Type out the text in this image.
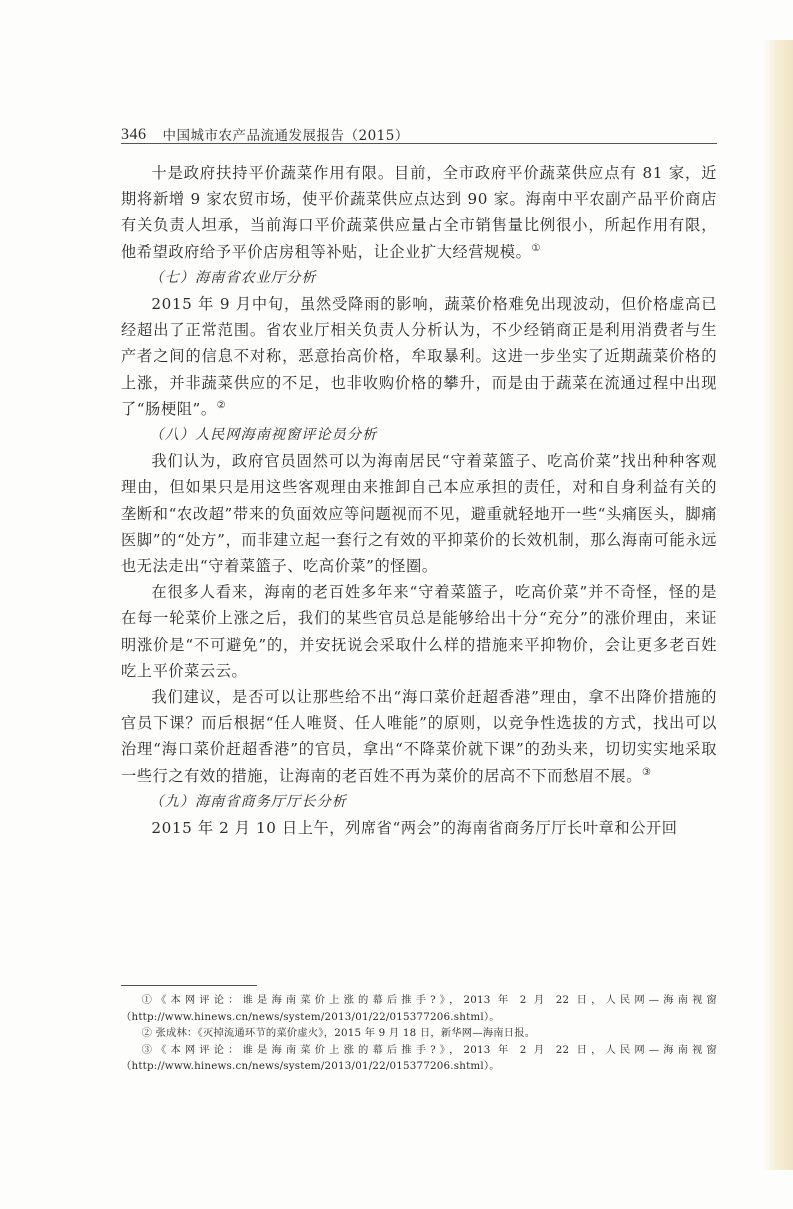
346 中国城市农产品流通发展报告（2015）

十是政府扶持平价蔬菜作用有限。目前，全市政府平价蔬菜供应点有 81 家，近期将新增 9 家农贸市场，使平价蔬菜供应点达到 90 家。海南中平农副产品平价商店有关负责人坦承，当前海口平价蔬菜供应量占全市销售量比例很小，所起作用有限，他希望政府给予平价店房租等补贴，让企业扩大经营规模。①

（七）海南省农业厅分析

2015 年 9 月中旬，虽然受降雨的影响，蔬菜价格难免出现波动，但价格虚高已经超出了正常范围。省农业厅相关负责人分析认为，不少经销商正是利用消费者与生产者之间的信息不对称，恶意抬高价格，牟取暴利。这进一步坐实了近期蔬菜价格的上涨，并非蔬菜供应的不足，也非收购价格的攀升，而是由于蔬菜在流通过程中出现了“肠梗阻”。②

（八）人民网海南视窗评论员分析

我们认为，政府官员固然可以为海南居民“守着菜篮子、吃高价菜”找出种种客观理由，但如果只是用这些客观理由来推卸自己本应承担的责任，对和自身利益有关的垄断和“农改超”带来的负面效应等问题视而不见，避重就轻地开一些“头痛医头，脚痛医脚”的“处方”，而非建立起一套行之有效的平抑菜价的长效机制，那么海南可能永远也无法走出“守着菜篮子、吃高价菜”的怪圈。

在很多人看来，海南的老百姓多年来“守着菜篮子，吃高价菜”并不奇怪，怪的是在每一轮菜价上涨之后，我们的某些官员总是能够给出十分“充分”的涨价理由，来证明涨价是“不可避免”的，并安抚说会采取什么样的措施来平抑物价，会让更多老百姓吃上平价菜云云。

我们建议，是否可以让那些给不出“海口菜价赶超香港”理由，拿不出降价措施的官员下课？而后根据“任人唯贤、任人唯能”的原则，以竞争性选拔的方式，找出可以治理“海口菜价赶超香港”的官员，拿出“不降菜价就下课”的劲头来，切切实实地采取一些行之有效的措施，让海南的老百姓不再为菜价的居高不下而愁眉不展。③

（九）海南省商务厅厅长分析

2015 年 2 月 10 日上午，列席省“两会”的海南省商务厅厅长叶章和公开回

①《本网评论：谁是海南菜价上涨的幕后推手?》，2013 年 2 月 22 日，人民网—海南视窗（http://www.hinews.cn/news/system/2013/01/22/015377206.shtml）。

② 张成林：《灭掉流通环节的菜价虚火》，2015 年 9 月 18 日，新华网—海南日报。

③《本网评论：谁是海南菜价上涨的幕后推手?》，2013 年 2 月 22 日，人民网—海南视窗（http://www.hinews.cn/news/system/2013/01/22/015377206.shtml）。
